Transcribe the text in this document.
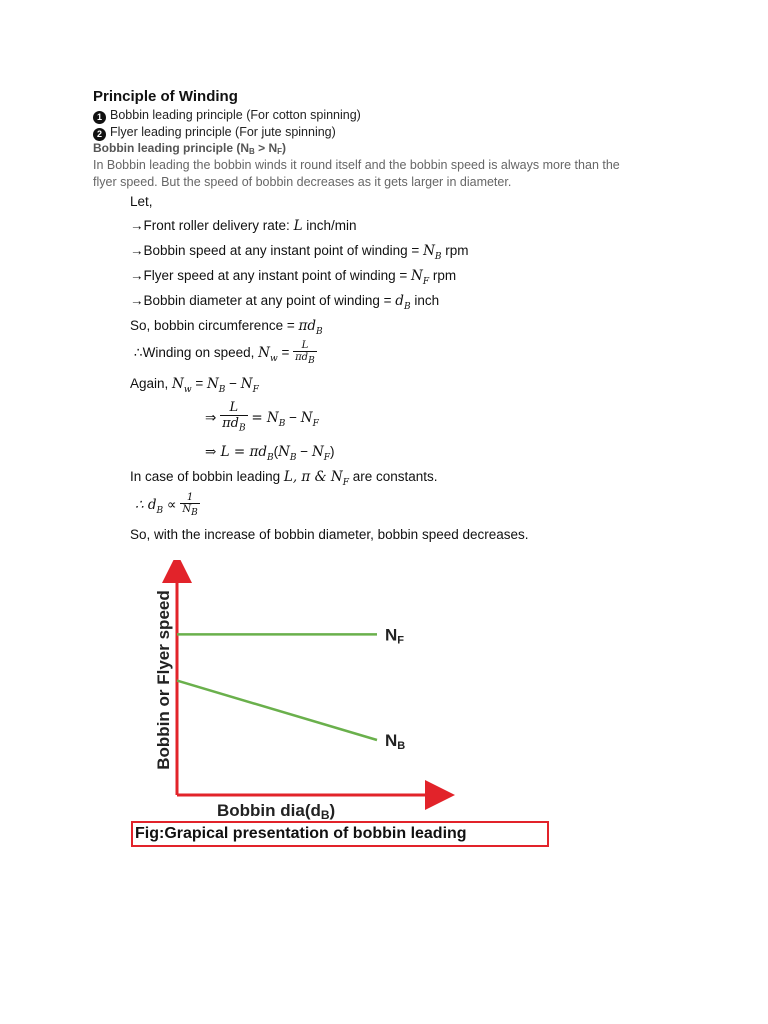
Principle of Winding
1 Bobbin leading principle (For cotton spinning)
2 Flyer leading principle (For jute spinning)
Bobbin leading principle $(N_B > N_F)$
In Bobbin leading the bobbin winds it round itself and the bobbin speed is always more than the
flyer speed. But the speed of bobbin decreases as it gets larger in diameter.
Let,
→Front roller delivery rate: L inch/min
→Bobbin speed at any instant point of winding = $N_B$ rpm
→Flyer speed at any instant point of winding = $N_F$ rpm
→Bobbin diameter at any point of winding = $d_B$ inch
So, bobbin circumference = $\pi d_B$
∴Winding on speed, $N_w = \frac{L}{\pi d_B}$
Again, $N_w = N_B - N_F$
⇒ $\frac{L}{\pi d_B} = N_B - N_F$
⇒ $L = \pi d_B(N_B - N_F)$
In case of bobbin leading L, π & $N_F$ are constants.
∴ $d_B \propto \frac{1}{N_B}$
So, with the increase of bobbin diameter, bobbin speed decreases.
NF
NB
Bobbin or Flyer speed
Bobbin dia(dB)
Fig:Grapical presentation of bobbin leading
